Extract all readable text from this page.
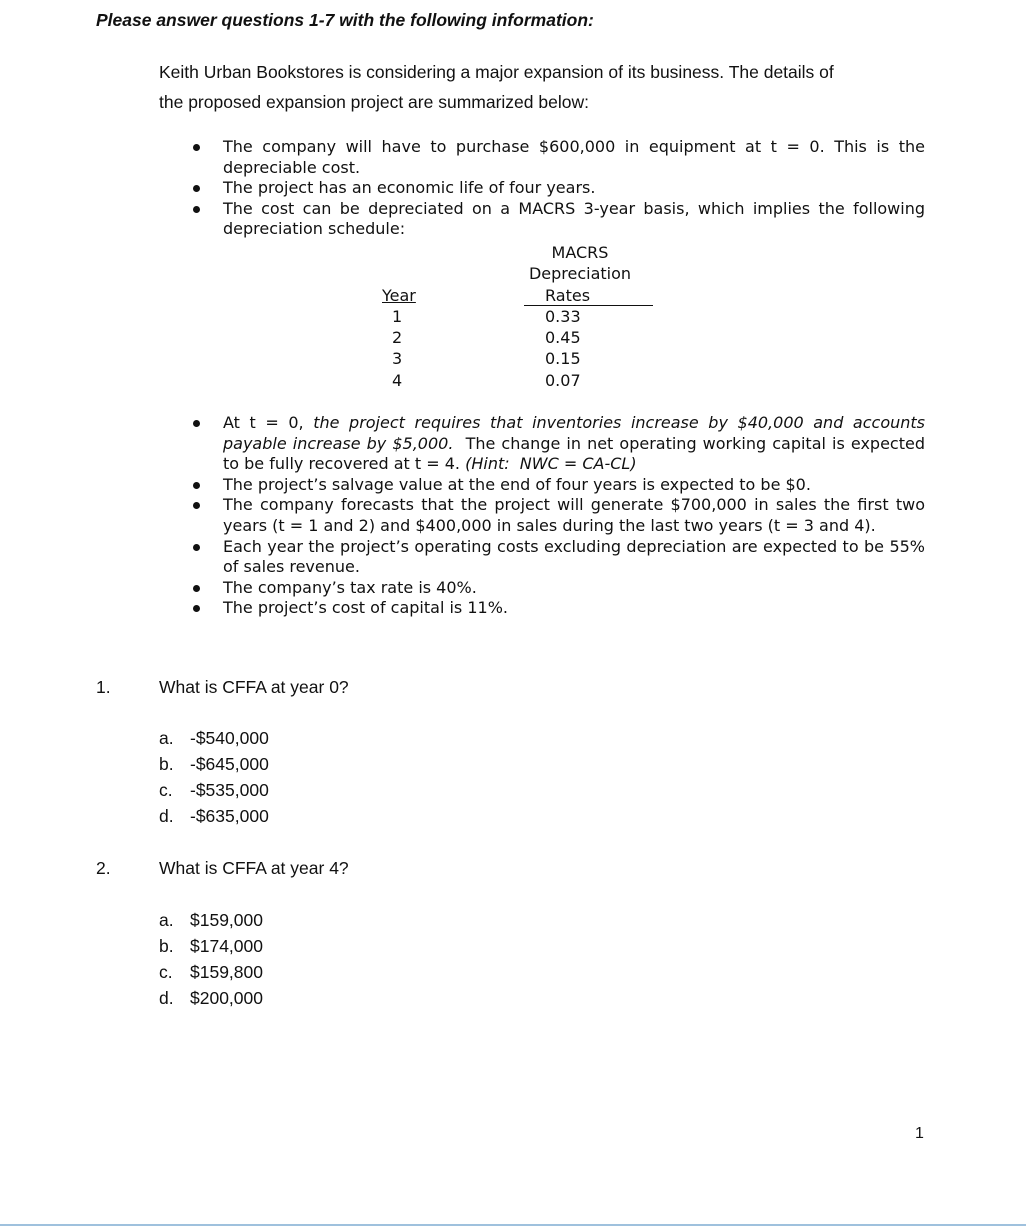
Please answer questions 1-7 with the following information:
Keith Urban Bookstores is considering a major expansion of its business. The details of
the proposed expansion project are summarized below:
The company will have to purchase $600,000 in equipment at t = 0. This is the depreciable cost.
The project has an economic life of four years.
The cost can be depreciated on a MACRS 3-year basis, which implies the following depreciation schedule:
MACRS
Depreciation
Rates
Year
1
2
3
4
0.33
0.45
0.15
0.07
At t = 0, the project requires that inventories increase by $40,000 and accounts payable increase by $5,000.  The change in net operating working capital is expected to be fully recovered at t = 4. (Hint:  NWC = CA-CL)
The project’s salvage value at the end of four years is expected to be $0.
The company forecasts that the project will generate $700,000 in sales the first two years (t = 1 and 2) and $400,000 in sales during the last two years (t = 3 and 4).
Each year the project’s operating costs excluding depreciation are expected to be 55% of sales revenue.
The company’s tax rate is 40%.
The project’s cost of capital is 11%.
1.	What is CFFA at year 0?
a. -$540,000
b. -$645,000
c. -$535,000
d. -$635,000
2.	What is CFFA at year 4?
a. $159,000
b. $174,000
c. $159,800
d. $200,000
1
